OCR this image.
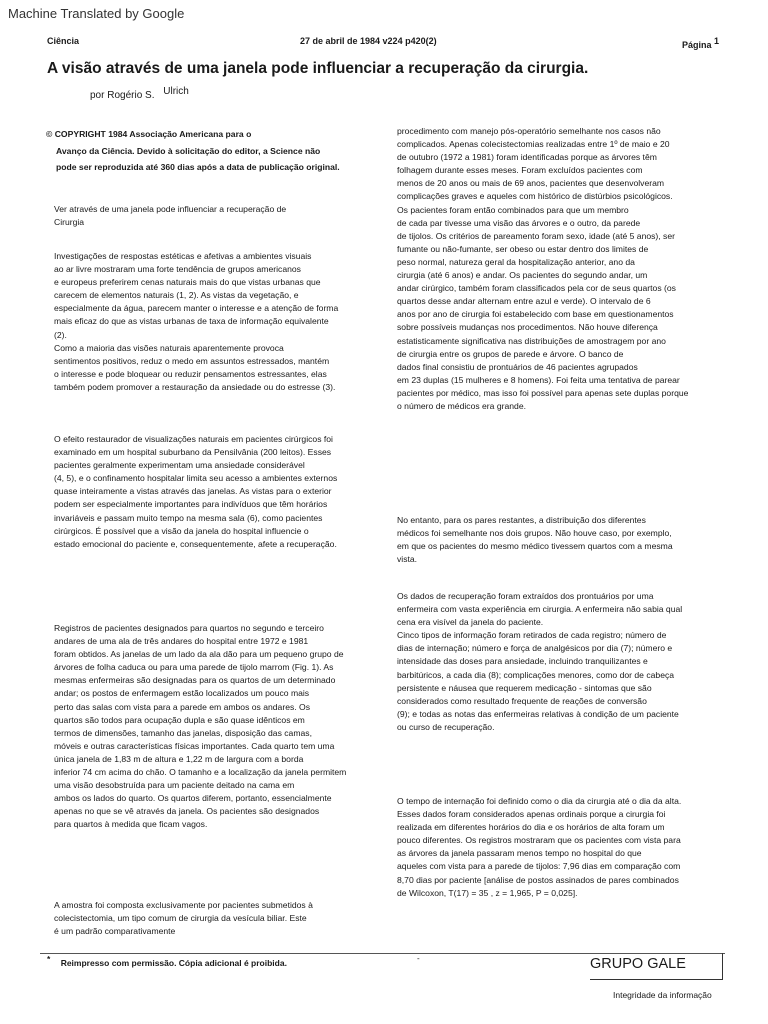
Machine Translated by Google
Ciência	27 de abril de 1984 v224 p420(2)	Página $^1$
A visão através de uma janela pode influenciar a recuperação da cirurgia.
por Rogério S. Ulrich
© COPYRIGHT 1984 Associação Americana para o
Avanço da Ciência. Devido à solicitação do editor, a Science não
pode ser reproduzida até 360 dias após a data de publicação original.
Ver através de uma janela pode influenciar a recuperação de
Cirurgia
Investigações de respostas estéticas e afetivas a ambientes visuais
ao ar livre mostraram uma forte tendência de grupos americanos
e europeus preferirem cenas naturais mais do que vistas urbanas que
carecem de elementos naturais (1, 2). As vistas da vegetação, e
especialmente da água, parecem manter o interesse e a atenção de forma
mais eficaz do que as vistas urbanas de taxa de informação equivalente
(2).
Como a maioria das visões naturais aparentemente provoca
sentimentos positivos, reduz o medo em assuntos estressados, mantém
o interesse e pode bloquear ou reduzir pensamentos estressantes, elas
também podem promover a restauração da ansiedade ou do estresse (3).
O efeito restaurador de visualizações naturais em pacientes cirúrgicos foi
examinado em um hospital suburbano da Pensilvânia (200 leitos). Esses
pacientes geralmente experimentam uma ansiedade considerável
(4, 5), e o confinamento hospitalar limita seu acesso a ambientes externos
quase inteiramente a vistas através das janelas. As vistas para o exterior
podem ser especialmente importantes para indivíduos que têm horários
invariáveis e passam muito tempo na mesma sala (6), como pacientes
cirúrgicos. É possível que a visão da janela do hospital influencie o
estado emocional do paciente e, consequentemente, afete a recuperação.
Registros de pacientes designados para quartos no segundo e terceiro
andares de uma ala de três andares do hospital entre 1972 e 1981
foram obtidos. As janelas de um lado da ala dão para um pequeno grupo de
árvores de folha caduca ou para uma parede de tijolo marrom (Fig. 1). As
mesmas enfermeiras são designadas para os quartos de um determinado
andar; os postos de enfermagem estão localizados um pouco mais
perto das salas com vista para a parede em ambos os andares. Os
quartos são todos para ocupação dupla e são quase idênticos em
termos de dimensões, tamanho das janelas, disposição das camas,
móveis e outras características físicas importantes. Cada quarto tem uma
única janela de 1,83 m de altura e 1,22 m de largura com a borda
inferior 74 cm acima do chão. O tamanho e a localização da janela permitem
uma visão desobstruída para um paciente deitado na cama em
ambos os lados do quarto. Os quartos diferem, portanto, essencialmente
apenas no que se vê através da janela. Os pacientes são designados
para quartos à medida que ficam vagos.
A amostra foi composta exclusivamente por pacientes submetidos à
colecistectomia, um tipo comum de cirurgia da vesícula biliar. Este
é um padrão comparativamente
procedimento com manejo pós-operatório semelhante nos casos não
complicados. Apenas colecistectomias realizadas entre 1º de maio e 20
de outubro (1972 a 1981) foram identificadas porque as árvores têm
folhagem durante esses meses. Foram excluídos pacientes com
menos de 20 anos ou mais de 69 anos, pacientes que desenvolveram
complicações graves e aqueles com histórico de distúrbios psicológicos.
Os pacientes foram então combinados para que um membro
de cada par tivesse uma visão das árvores e o outro, da parede
de tijolos. Os critérios de pareamento foram sexo, idade (até 5 anos), ser
fumante ou não-fumante, ser obeso ou estar dentro dos limites de
peso normal, natureza geral da hospitalização anterior, ano da
cirurgia (até 6 anos) e andar. Os pacientes do segundo andar, um
andar cirúrgico, também foram classificados pela cor de seus quartos (os
quartos desse andar alternam entre azul e verde). O intervalo de 6
anos por ano de cirurgia foi estabelecido com base em questionamentos
sobre possíveis mudanças nos procedimentos. Não houve diferença
estatisticamente significativa nas distribuições de amostragem por ano
de cirurgia entre os grupos de parede e árvore. O banco de
dados final consistiu de prontuários de 46 pacientes agrupados
em 23 duplas (15 mulheres e 8 homens). Foi feita uma tentativa de parear
pacientes por médico, mas isso foi possível para apenas sete duplas porque
o número de médicos era grande.
No entanto, para os pares restantes, a distribuição dos diferentes
médicos foi semelhante nos dois grupos. Não houve caso, por exemplo,
em que os pacientes do mesmo médico tivessem quartos com a mesma
vista.
Os dados de recuperação foram extraídos dos prontuários por uma
enfermeira com vasta experiência em cirurgia. A enfermeira não sabia qual
cena era visível da janela do paciente.
Cinco tipos de informação foram retirados de cada registro; número de
dias de internação; número e força de analgésicos por dia (7); número e
intensidade das doses para ansiedade, incluindo tranquilizantes e
barbitúricos, a cada dia (8); complicações menores, como dor de cabeça
persistente e náusea que requerem medicação - sintomas que são
considerados como resultado frequente de reações de conversão
(9); e todas as notas das enfermeiras relativas à condição de um paciente
ou curso de recuperação.
O tempo de internação foi definido como o dia da cirurgia até o dia da alta.
Esses dados foram considerados apenas ordinais porque a cirurgia foi
realizada em diferentes horários do dia e os horários de alta foram um
pouco diferentes. Os registros mostraram que os pacientes com vista para
as árvores da janela passaram menos tempo no hospital do que
aqueles com vista para a parede de tijolos: 7,96 dias em comparação com
8,70 dias por paciente [análise de postos assinados de pares combinados
de Wilcoxon, T(17) = 35 , z = 1,965, P = 0,025].
* Reimpresso com permissão. Cópia adicional é proibida.	-	GRUPO GALE
Integridade da informação
